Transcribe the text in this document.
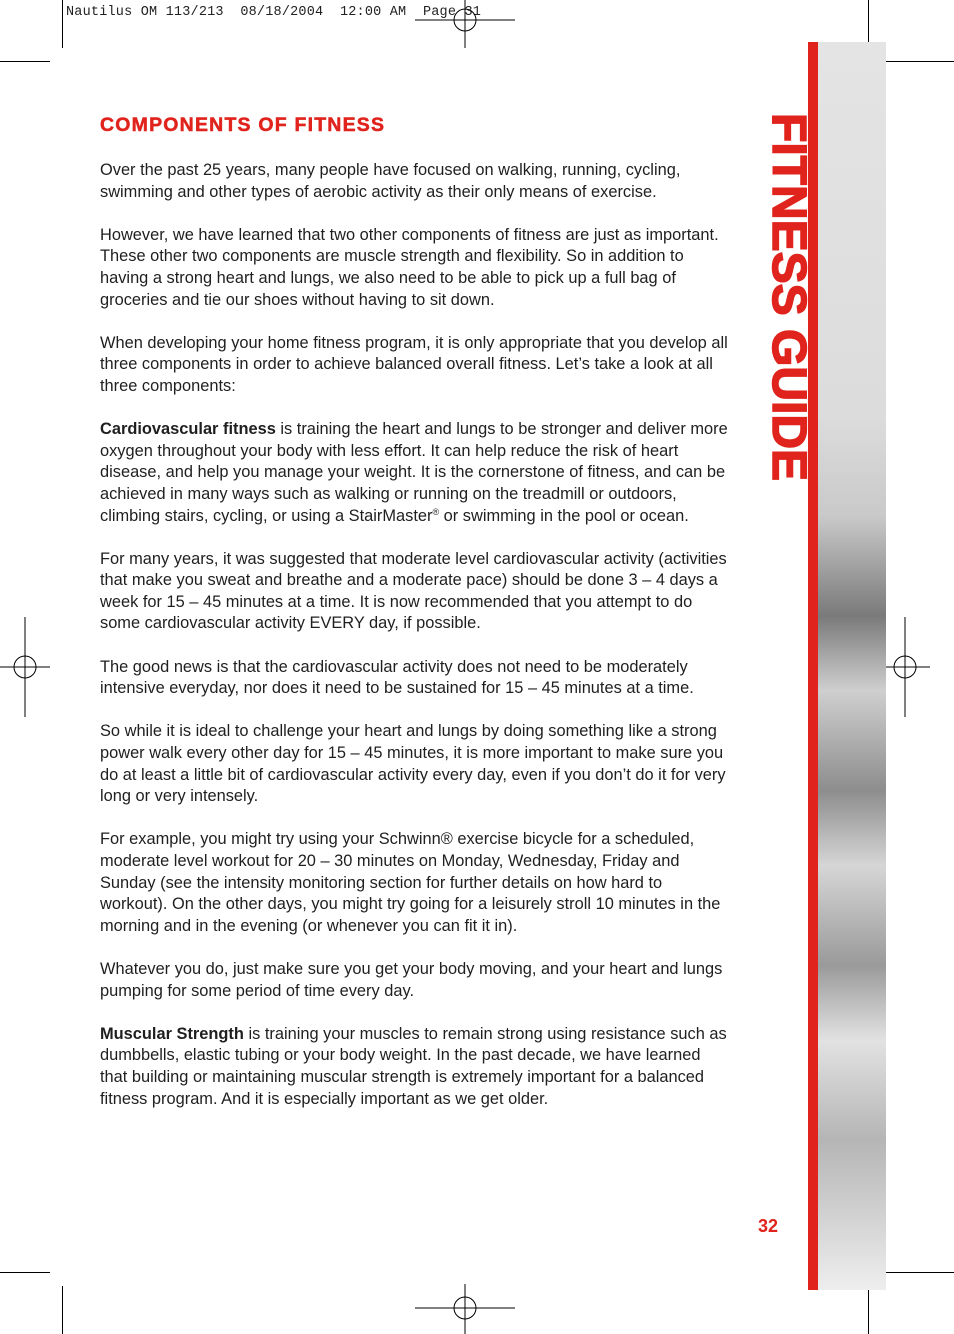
Nautilus OM 113/213  08/18/2004  12:00 AM  Page 31
FITNESS GUIDE
COMPONENTS OF FITNESS

Over the past 25 years, many people have focused on walking, running, cycling, swimming and other types of aerobic activity as their only means of exercise.

However, we have learned that two other components of fitness are just as important. These other two components are muscle strength and flexibility. So in addition to having a strong heart and lungs, we also need to be able to pick up a full bag of groceries and tie our shoes without having to sit down.

When developing your home fitness program, it is only appropriate that you develop all three components in order to achieve balanced overall fitness. Let’s take a look at all three components:

Cardiovascular fitness is training the heart and lungs to be stronger and deliver more oxygen throughout your body with less effort. It can help reduce the risk of heart disease, and help you manage your weight. It is the cornerstone of fitness, and can be achieved in many ways such as walking or running on the treadmill or outdoors, climbing stairs, cycling, or using a StairMaster® or swimming in the pool or ocean.

For many years, it was suggested that moderate level cardiovascular activity (activities that make you sweat and breathe and a moderate pace) should be done 3 – 4 days a week for 15 – 45 minutes at a time. It is now recommended that you attempt to do some cardiovascular activity EVERY day, if possible.

The good news is that the cardiovascular activity does not need to be moderately intensive everyday, nor does it need to be sustained for 15 – 45 minutes at a time.

So while it is ideal to challenge your heart and lungs by doing something like a strong power walk every other day for 15 – 45 minutes, it is more important to make sure you do at least a little bit of cardiovascular activity every day, even if you don’t do it for very long or very intensely.

For example, you might try using your Schwinn® exercise bicycle for a scheduled, moderate level workout for 20 – 30 minutes on Monday, Wednesday, Friday and Sunday (see the intensity monitoring section for further details on how hard to workout). On the other days, you might try going for a leisurely stroll 10 minutes in the morning and in the evening (or whenever you can fit it in).

Whatever you do, just make sure you get your body moving, and your heart and lungs pumping for some period of time every day.

Muscular Strength is training your muscles to remain strong using resistance such as dumbbells, elastic tubing or your body weight. In the past decade, we have learned that building or maintaining muscular strength is extremely important for a balanced fitness program. And it is especially important as we get older.

32
